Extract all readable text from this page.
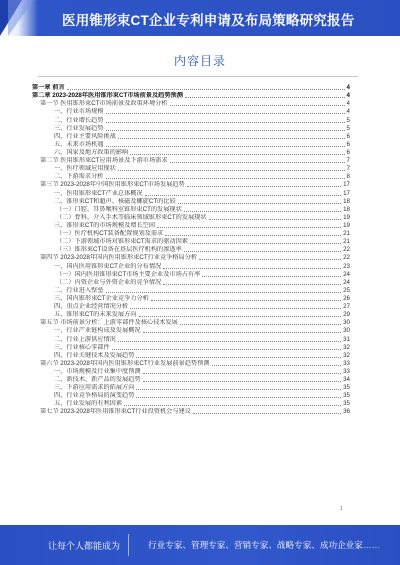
医用锥形束CT企业专利申请及布局策略研究报告
内容目录
第一章 前言	4
第二章 2023-2028年医用锥形束CT市场前景及趋势预测	4
第一节 医用锥形束CT市场前景及政策环境分析	4
一、行业市场规模	4
二、行业增长趋势	5
三、行业发展趋势	5
四、行业主要风险挑战	6
五、未来市场机遇	6
六、国家及地方政策的影响	6
第二节 医用锥形束CT应用场景及下游市场需求	7
一、医疗领域应用现状	7
二、下游需求分析	8
第三节 2023-2028年中国医用锥形束CT市场发展趋势	17
一、医用锥形束CT产业总体概况	17
二、锥形束CT和超声、核磁及螺旋CT的比较	18
（一）口腔、耳鼻喉科室锥形束CT的发展现状	18
（二）骨科、介入手术等临床领域锥形束CT的发展现状	19
三、锥形束CT的市场规模及增长空间	19
（一）医疗机构CT装备配置规划及需求	21
（二）下游领域市场对锥形束CT需求的驱动因素	21
（三）锥形束CT设备在基层医疗机构的渗透率	22
第四节 2023-2028年国内医用锥形束CT行业竞争格局分析	22
一、国内医用锥形束CT企业的分布情况	23
（一）国内医用锥形束CT市场主要企业及市场占有率	24
（二）内资企业与外资企业的竞争情况	24
二、行业进入壁垒	25
三、国内锥形束CT企业竞争力分析	26
四、重点企业经营情况分析	27
五、锥形束CT的未来发展方向	29
第五节 市场前景分析：上游零部件及核心技术发展	30
一、行业产业链构成及发展概况	30
二、行业上游供应情况	31
三、行业核心零部件	32
四、行业关键技术及发展趋势	32
第六节 2023-2028年国内医用锥形束CT行业发展前景趋势预测	33
一、市场规模及行业集中度预测	33
二、新技术、新产品的发展趋势	34
三、下游应用需求的拓展方向	35
四、行业竞争格局的演变趋势	35
五、行业发展的有利因素	35
第七节 2023-2028年医用锥形束CT行业投资机会与建议	36
1
让每个人都能成为	行业专家、管理专家、营销专家、战略专家、成功企业家……
